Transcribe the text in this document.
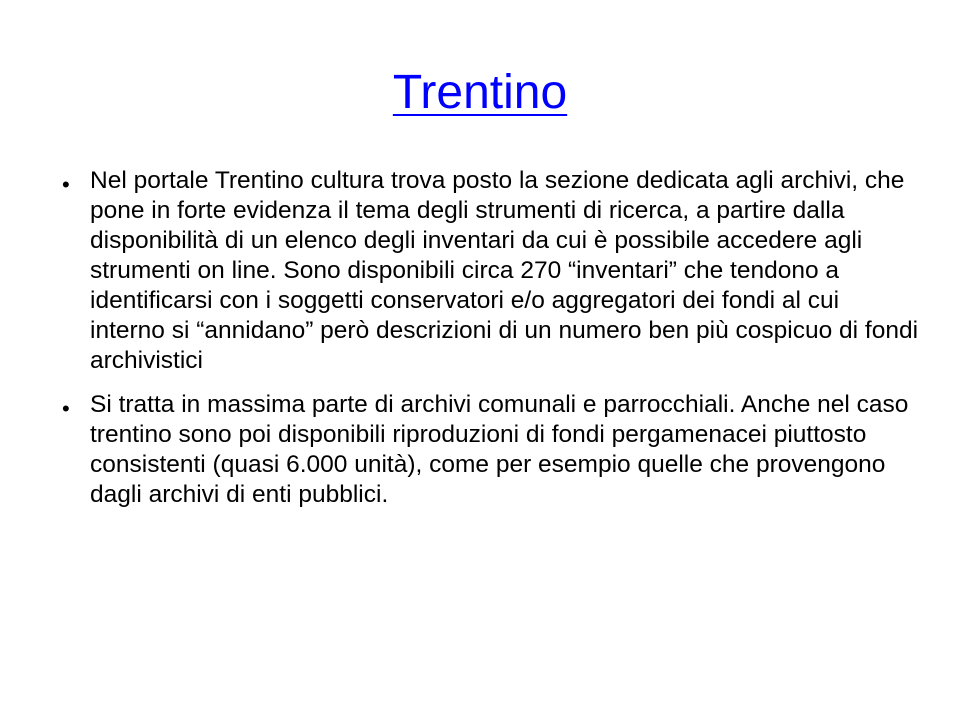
Trentino
• Nel portale Trentino cultura trova posto la sezione dedicata agli archivi, che pone in forte evidenza il tema degli strumenti di ricerca, a partire dalla disponibilità di un elenco degli inventari da cui è possibile accedere agli strumenti on line. Sono disponibili circa 270 “inventari” che tendono a identificarsi con i soggetti conservatori e/o aggregatori dei fondi al cui interno si “annidano” però descrizioni di un numero ben più cospicuo di fondi archivistici
• Si tratta in massima parte di archivi comunali e parrocchiali. Anche nel caso trentino sono poi disponibili riproduzioni di fondi pergamenacei piuttosto consistenti (quasi 6.000 unità), come per esempio quelle che provengono dagli archivi di enti pubblici.
